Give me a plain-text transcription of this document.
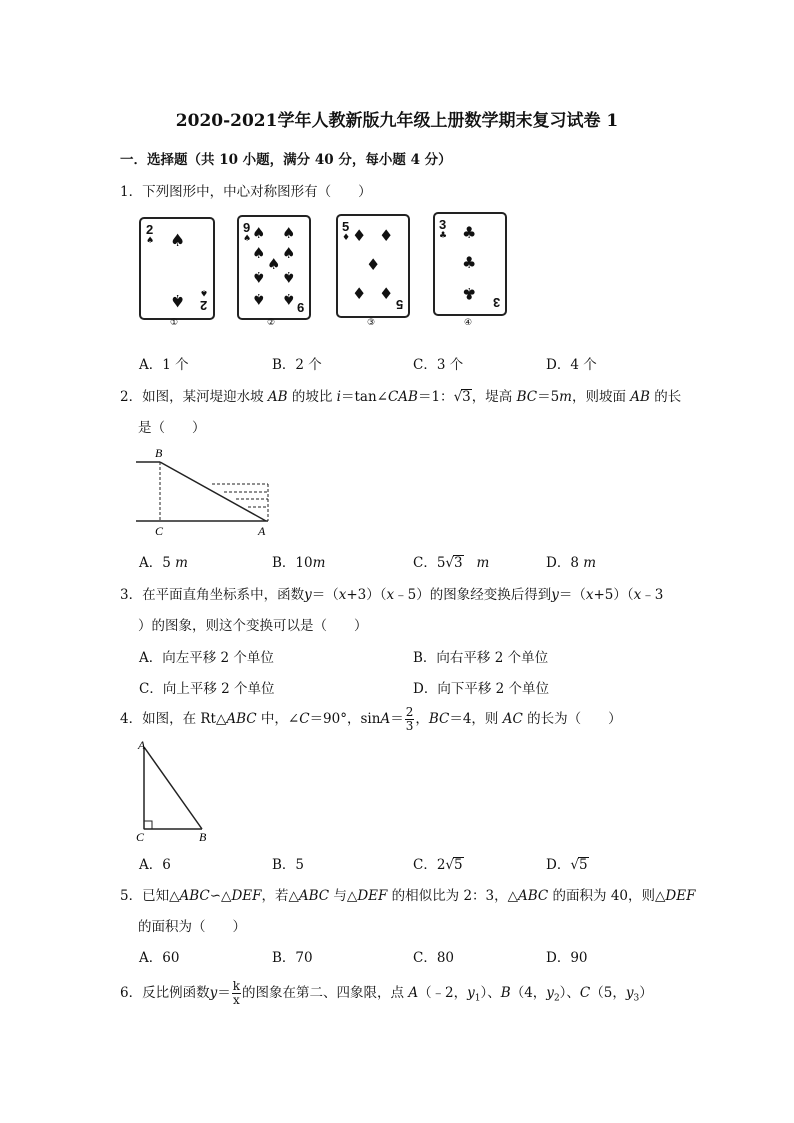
2020-2021学年人教新版九年级上册数学期末复习试卷 1
一．选择题（共 10 小题，满分 40 分，每小题 4 分）
1．下列图形中，中心对称图形有（　　）
2
♠ ♠
♠ ♠
2
①
9
♠ ♠ ♠
♠ ♠
♠
♠ ♠
♠ ♠ 9
②
5
♦ ♦ ♦
♦
♦ ♦
5
③
3
♣ ♣
♣
♣ 3
④
A．1 个	B．2 个	C．3 个	D．4 个
2．如图，某河堤迎水坡 AB 的坡比 i＝tan∠CAB＝1：√3，堤高 BC＝5m，则坡面 AB 的长
是（　　）
B
C	A
A．5 m	B．10m	C．5√3 m	D．8 m
3．在平面直角坐标系中，函数y＝（x+3）（x﹣5）的图象经变换后得到y＝（x+5）（x﹣3
）的图象，则这个变换可以是（　　）
A．向左平移 2 个单位	B．向右平移 2 个单位
C．向上平移 2 个单位	D．向下平移 2 个单位
4．如图，在 Rt△ABC 中，∠C＝90°，$\sin A= \frac{2}{3}$ ，BC＝4，则 AC 的长为（　　）
A
C	B
A．6	B．5	C．2√5	D．√5
5．已知△ABC∽△DEF，若△ABC 与△DEF 的相似比为 2：3，△ABC 的面积为 40，则△DEF
的面积为（　　）
A．60	B．70	C．80	D．90
6．反比例函数$y= \frac{k}{x}$ 的图象在第二、四象限，点 A（﹣2，$y_1$）、B（4，$y_2$）、C（5，$y_3$）
